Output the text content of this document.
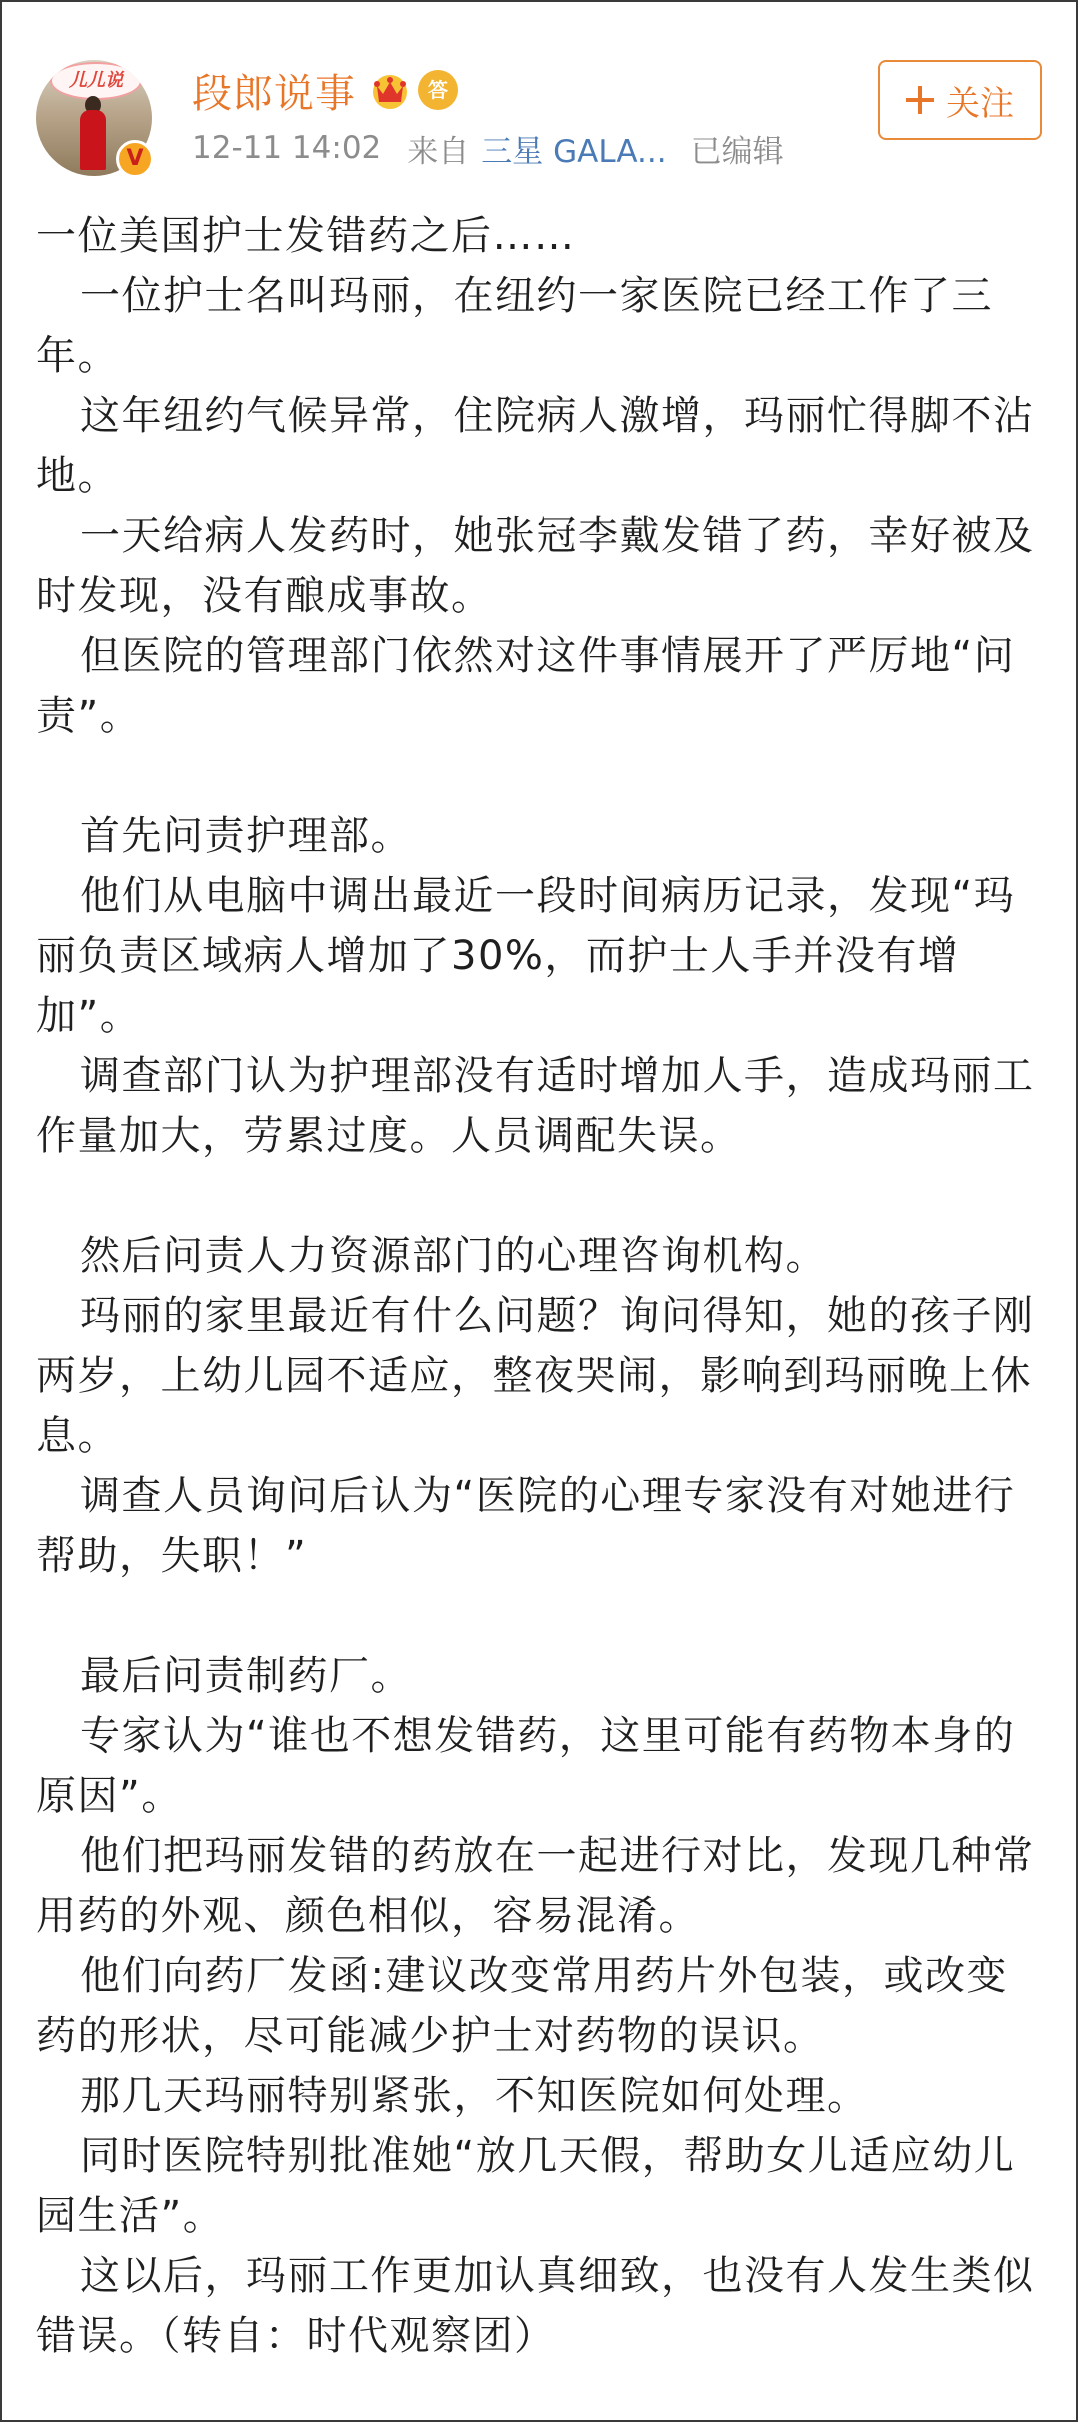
儿儿说
V
段郎说事	答
12-11 14:02 来自 三星 GALA... 已编辑
关注

一位美国护士发错药之后……

一位护士名叫玛丽，在纽约一家医院已经工作了三年。

这年纽约气候异常，住院病人激增，玛丽忙得脚不沾地。

一天给病人发药时，她张冠李戴发错了药，幸好被及时发现，没有酿成事故。

但医院的管理部门依然对这件事情展开了严厉地“问责”。

首先问责护理部。

他们从电脑中调出最近一段时间病历记录，发现“玛丽负责区域病人增加了30%，而护士人手并没有增加”。

调查部门认为护理部没有适时增加人手，造成玛丽工作量加大，劳累过度。人员调配失误。

然后问责人力资源部门的心理咨询机构。

玛丽的家里最近有什么问题？询问得知，她的孩子刚两岁，上幼儿园不适应，整夜哭闹，影响到玛丽晚上休息。

调查人员询问后认为“医院的心理专家没有对她进行帮助，失职！”

最后问责制药厂。

专家认为“谁也不想发错药，这里可能有药物本身的原因”。

他们把玛丽发错的药放在一起进行对比，发现几种常用药的外观、颜色相似，容易混淆。

他们向药厂发函:建议改变常用药片外包装，或改变药的形状，尽可能减少护士对药物的误识。

那几天玛丽特别紧张，不知医院如何处理。

同时医院特别批准她“放几天假，帮助女儿适应幼儿园生活”。

这以后，玛丽工作更加认真细致，也没有人发生类似错误。（转自：时代观察团）
